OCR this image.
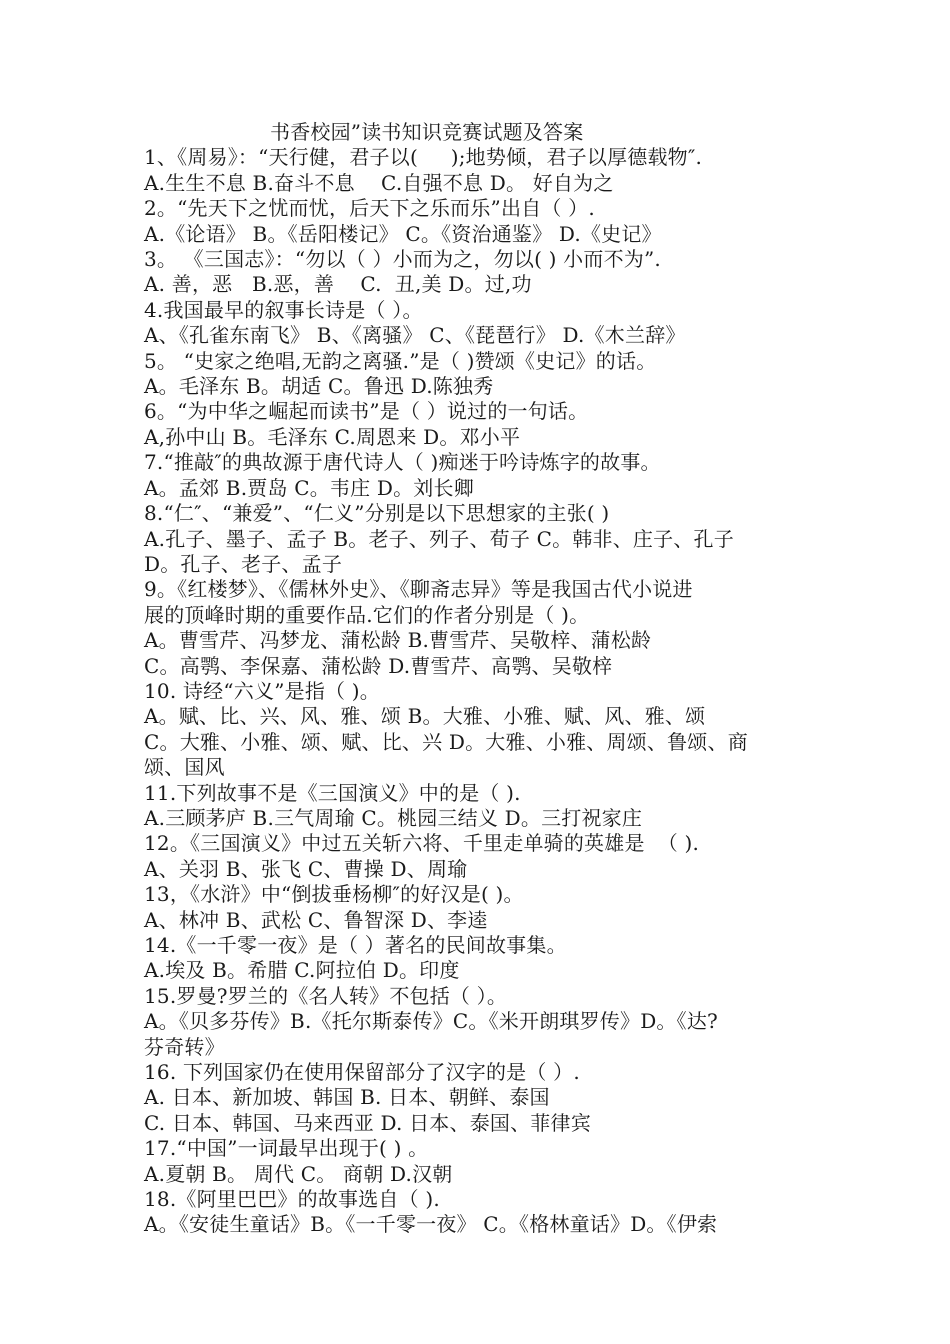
书香校园”读书知识竞赛试题及答案
1、《周易》：“天行健，君子以(     );地势倾，君子以厚德载物″.
A.生生不息 B.奋斗不息    C.自强不息 D。 好自为之
2。“先天下之忧而忧，后天下之乐而乐”出自（ ）.
A.《论语》 B。《岳阳楼记》 C。《资治通鉴》 D.《史记》
3。 《三国志》：“勿以（ ）小而为之，勿以( ) 小而不为”.
A. 善，恶   B.恶，善    C.  丑,美 D。过,功
4.我国最早的叙事长诗是（ ）。
A、《孔雀东南飞》 B、《离骚》 C、《琵琶行》 D.《木兰辞》
5。 “史家之绝唱,无韵之离骚.”是（ )赞颂《史记》的话。
A。毛泽东 B。胡适 C。鲁迅 D.陈独秀
6。“为中华之崛起而读书”是（ ）说过的一句话。
A,孙中山 B。毛泽东 C.周恩来 D。邓小平
7.“推敲″的典故源于唐代诗人（ )痴迷于吟诗炼字的故事。
A。孟郊 B.贾岛 C。韦庄 D。刘长卿
8.“仁″、“兼爱”、“仁义”分别是以下思想家的主张( )
A.孔子、墨子、孟子 B。老子、列子、荀子 C。韩非、庄子、孔子
D。孔子、老子、孟子
9。《红楼梦》、《儒林外史》、《聊斋志异》等是我国古代小说进
展的顶峰时期的重要作品.它们的作者分别是（ )。
A。曹雪芹、冯梦龙、蒲松龄 B.曹雪芹、吴敬梓、蒲松龄
C。高鹗、李保嘉、蒲松龄 D.曹雪芹、高鹗、吴敬梓
10. 诗经“六义”是指（ )。
A。赋、比、兴、风、雅、颂 B。大雅、小雅、赋、风、雅、颂
C。大雅、小雅、颂、赋、比、兴 D。大雅、小雅、周颂、鲁颂、商
颂、国风
11.下列故事不是《三国演义》中的是（ ).
A.三顾茅庐 B.三气周瑜 C。桃园三结义 D。三打祝家庄
12。《三国演义》中过五关斩六将、千里走单骑的英雄是  （ ).
A、关羽 B、张飞 C、曹操 D、周瑜
13，《水浒》中“倒拔垂杨柳″的好汉是( )。
A、林冲 B、武松 C、鲁智深 D、李逵
14.《一千零一夜》是（ ）著名的民间故事集。
A.埃及 B。希腊 C.阿拉伯 D。印度
15.罗曼?罗兰的《名人转》不包括（ ）。
A。《贝多芬传》B.《托尔斯泰传》C。《米开朗琪罗传》D。《达?
芬奇转》
16. 下列国家仍在使用保留部分了汉字的是（ ）.
A. 日本、新加坡、韩国 B. 日本、朝鲜、泰国
C. 日本、韩国、马来西亚 D. 日本、泰国、菲律宾
17.“中国”一词最早出现于( ) 。
A.夏朝 B。 周代 C。 商朝 D.汉朝
18.《阿里巴巴》的故事选自（ ).
A。《安徒生童话》B。《一千零一夜》 C。《格林童话》D。《伊索
